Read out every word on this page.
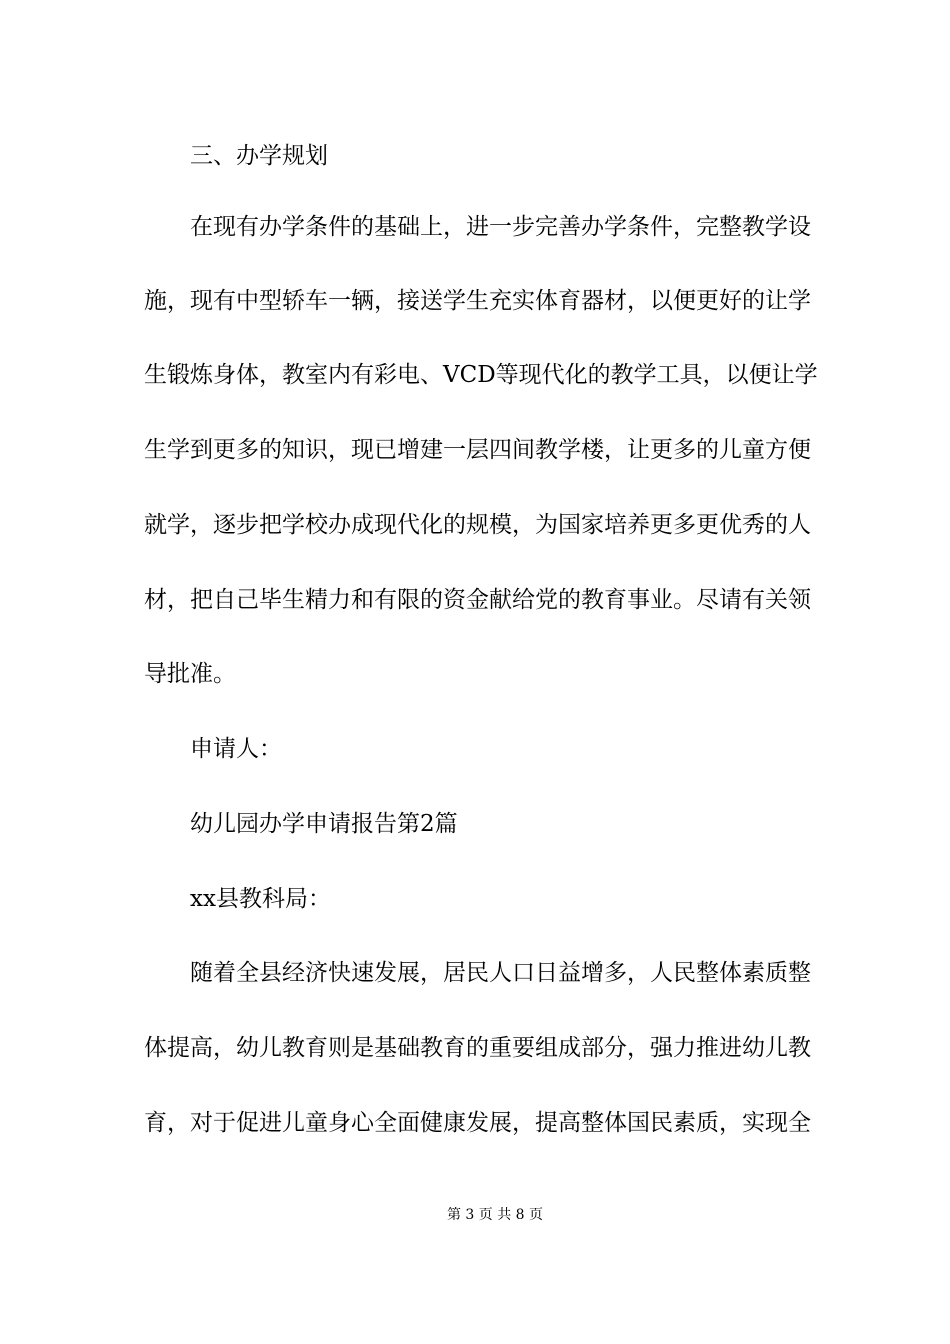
三、办学规划
在现有办学条件的基础上，进一步完善办学条件，完整教学设
施，现有中型轿车一辆，接送学生充实体育器材，以便更好的让学
生锻炼身体，教室内有彩电、VCD等现代化的教学工具，以便让学
生学到更多的知识，现已增建一层四间教学楼，让更多的儿童方便
就学，逐步把学校办成现代化的规模，为国家培养更多更优秀的人
材，把自己毕生精力和有限的资金献给党的教育事业。尽请有关领
导批准。
申请人：
幼儿园办学申请报告第2篇
xx县教科局：
随着全县经济快速发展，居民人口日益增多，人民整体素质整
体提高，幼儿教育则是基础教育的重要组成部分，强力推进幼儿教
育，对于促进儿童身心全面健康发展，提高整体国民素质，实现全
第 3 页 共 8 页
